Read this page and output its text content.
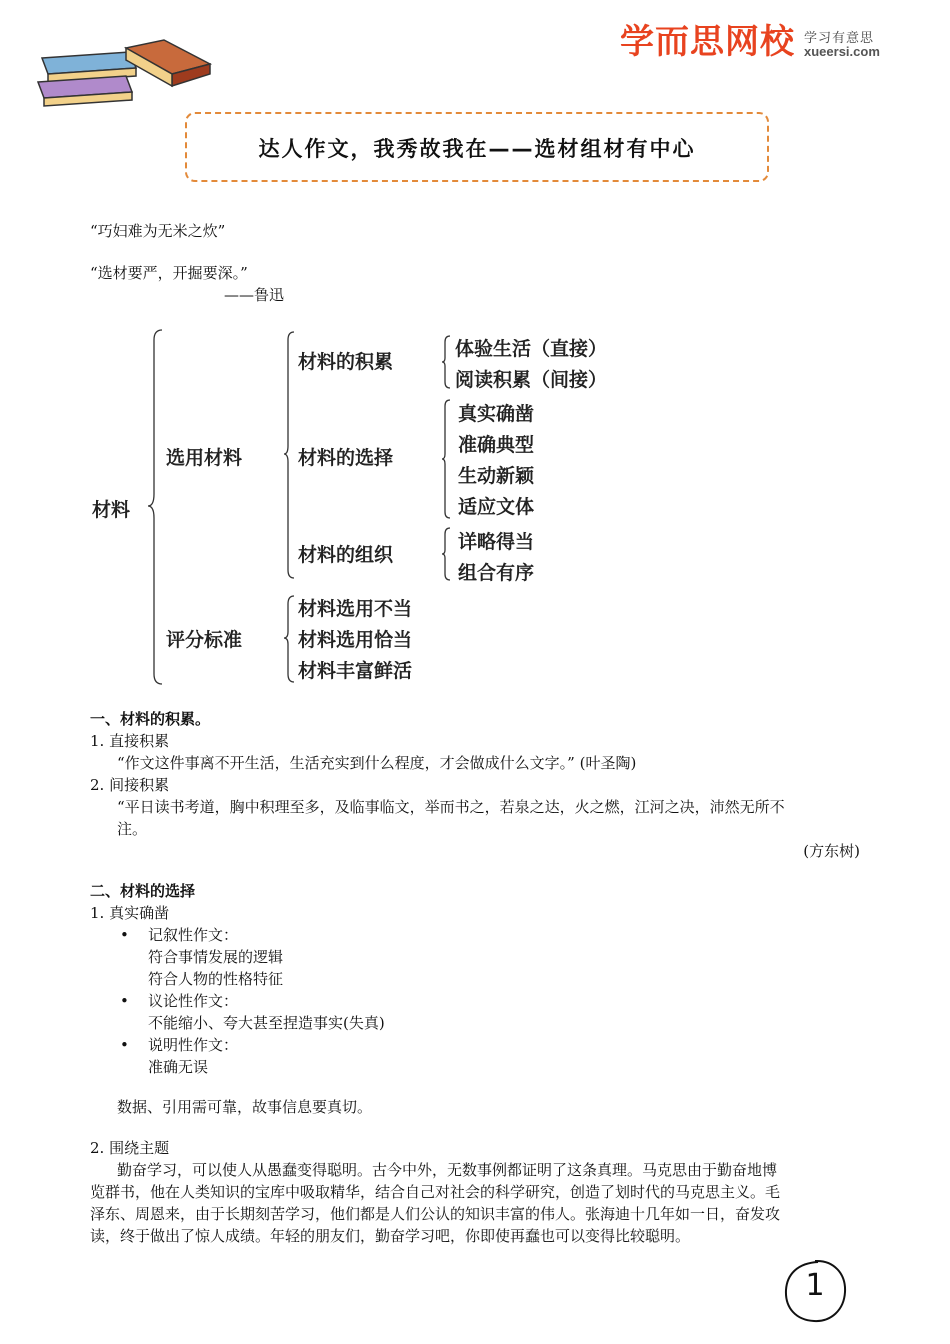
学而思网校 学习有意思
xueersi.com
达人作文，我秀故我在——选材组材有中心
“巧妇难为无米之炊”
“选材要严，开掘要深。”
——鲁迅
材料
选用材料
评分标准
材料的积累
材料的选择
材料的组织
体验生活（直接）
阅读积累（间接）
真实确凿
准确典型
生动新颖
适应文体
详略得当
组合有序
材料选用不当
材料选用恰当
材料丰富鲜活
一、材料的积累。
1. 直接积累
“作文这件事离不开生活，生活充实到什么程度，才会做成什么文字。” (叶圣陶)
2. 间接积累
“平日读书考道，胸中积理至多，及临事临文，举而书之，若泉之达，火之燃，江河之决，沛然无所不
注。
(方东树)
二、材料的选择
1. 真实确凿
• 记叙性作文：
符合事情发展的逻辑
符合人物的性格特征
• 议论性作文：
不能缩小、夸大甚至捏造事实(失真)
• 说明性作文：
准确无误
数据、引用需可靠，故事信息要真切。
2. 围绕主题
勤奋学习，可以使人从愚蠢变得聪明。古今中外，无数事例都证明了这条真理。马克思由于勤奋地博
览群书，他在人类知识的宝库中吸取精华，结合自己对社会的科学研究，创造了划时代的马克思主义。毛
泽东、周恩来，由于长期刻苦学习，他们都是人们公认的知识丰富的伟人。张海迪十几年如一日，奋发攻
读，终于做出了惊人成绩。年轻的朋友们，勤奋学习吧，你即使再蠢也可以变得比较聪明。
1
